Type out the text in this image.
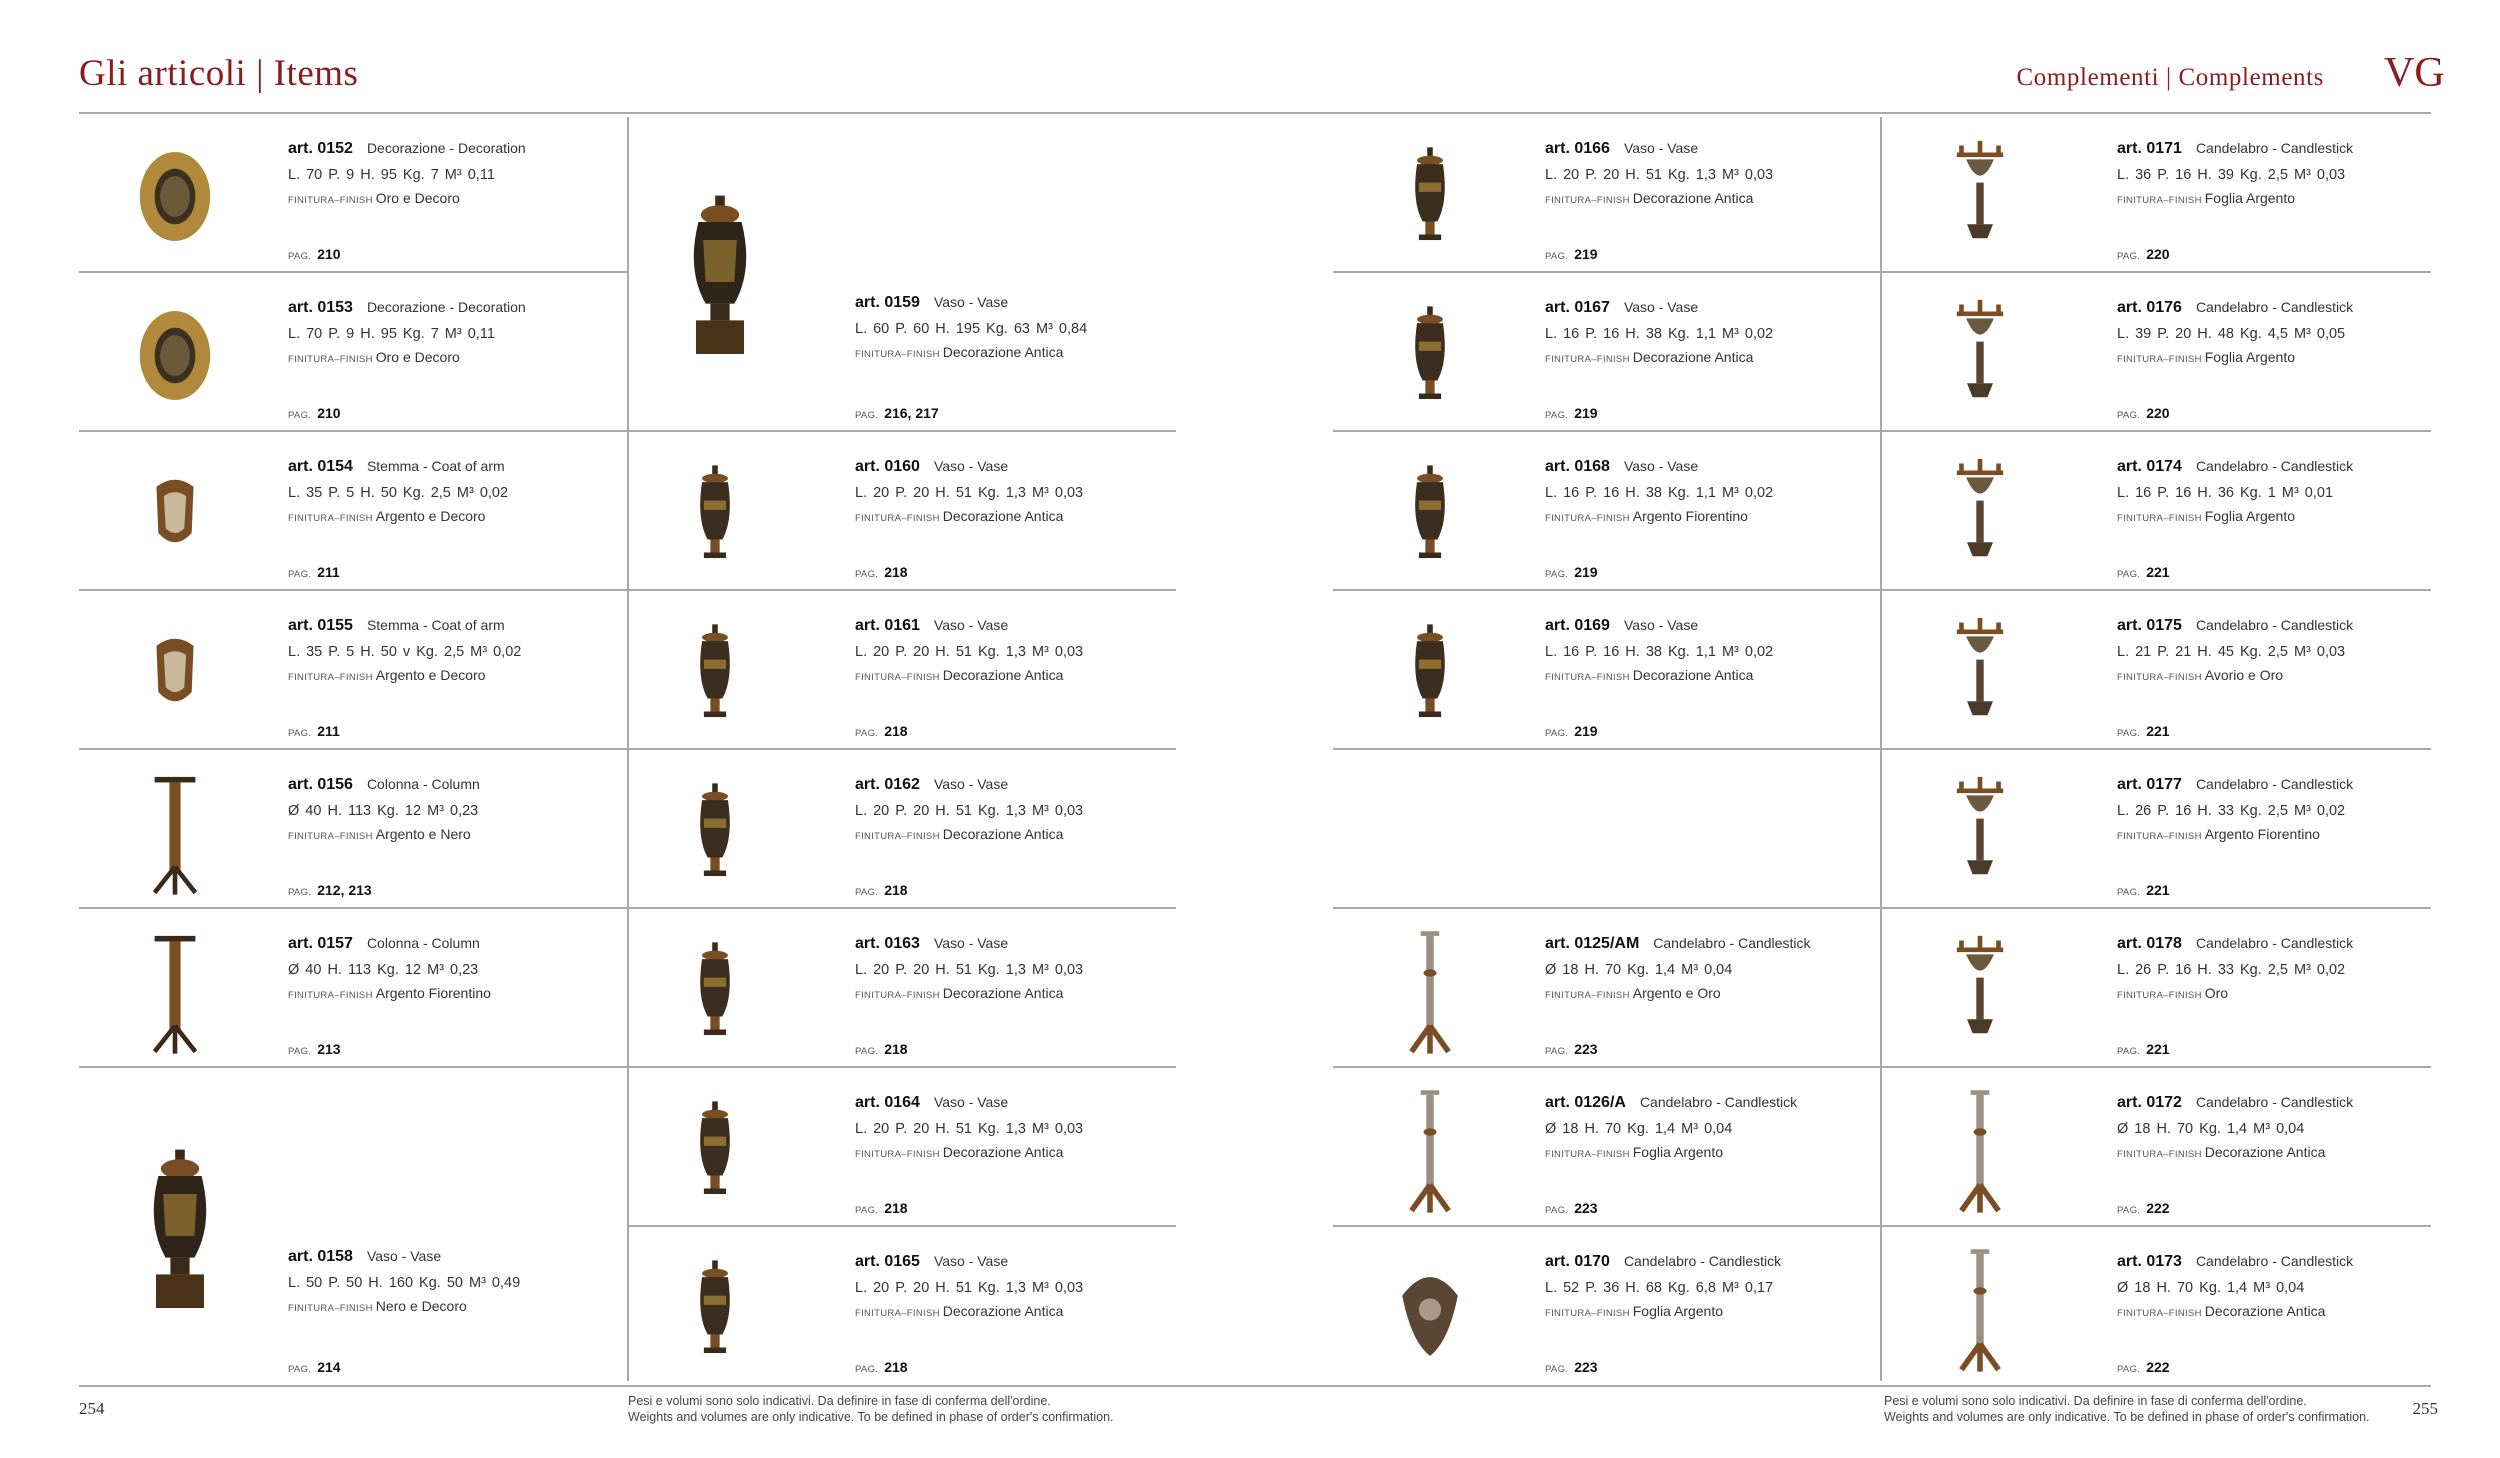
Gli articoli | Items	Complementi | Complements VG
art. 0152 Decorazione - Decoration
L. 70 P. 9 H. 95 Kg. 7 M³ 0,11
FINITURA–FINISH Oro e Decoro
PAG. 210
art. 0153 Decorazione - Decoration
L. 70 P. 9 H. 95 Kg. 7 M³ 0,11
FINITURA–FINISH Oro e Decoro
PAG. 210
art. 0154 Stemma - Coat of arm
L. 35 P. 5 H. 50 Kg. 2,5 M³ 0,02
FINITURA–FINISH Argento e Decoro
PAG. 211
art. 0155 Stemma - Coat of arm
L. 35 P. 5 H. 50 v Kg. 2,5 M³ 0,02
FINITURA–FINISH Argento e Decoro
PAG. 211
art. 0156 Colonna - Column
Ø 40 H. 113 Kg. 12 M³ 0,23
FINITURA–FINISH Argento e Nero
PAG. 212, 213
art. 0157 Colonna - Column
Ø 40 H. 113 Kg. 12 M³ 0,23
FINITURA–FINISH Argento Fiorentino
PAG. 213
art. 0158 Vaso - Vase
L. 50 P. 50 H. 160 Kg. 50 M³ 0,49
FINITURA–FINISH Nero e Decoro
PAG. 214
art. 0159 Vaso - Vase
L. 60 P. 60 H. 195 Kg. 63 M³ 0,84
FINITURA–FINISH Decorazione Antica
PAG. 216, 217
art. 0160 Vaso - Vase
L. 20 P. 20 H. 51 Kg. 1,3 M³ 0,03
FINITURA–FINISH Decorazione Antica
PAG. 218
art. 0161 Vaso - Vase
L. 20 P. 20 H. 51 Kg. 1,3 M³ 0,03
FINITURA–FINISH Decorazione Antica
PAG. 218
art. 0162 Vaso - Vase
L. 20 P. 20 H. 51 Kg. 1,3 M³ 0,03
FINITURA–FINISH Decorazione Antica
PAG. 218
art. 0163 Vaso - Vase
L. 20 P. 20 H. 51 Kg. 1,3 M³ 0,03
FINITURA–FINISH Decorazione Antica
PAG. 218
art. 0164 Vaso - Vase
L. 20 P. 20 H. 51 Kg. 1,3 M³ 0,03
FINITURA–FINISH Decorazione Antica
PAG. 218
art. 0165 Vaso - Vase
L. 20 P. 20 H. 51 Kg. 1,3 M³ 0,03
FINITURA–FINISH Decorazione Antica
PAG. 218
art. 0166 Vaso - Vase
L. 20 P. 20 H. 51 Kg. 1,3 M³ 0,03
FINITURA–FINISH Decorazione Antica
PAG. 219
art. 0167 Vaso - Vase
L. 16 P. 16 H. 38 Kg. 1,1 M³ 0,02
FINITURA–FINISH Decorazione Antica
PAG. 219
art. 0168 Vaso - Vase
L. 16 P. 16 H. 38 Kg. 1,1 M³ 0,02
FINITURA–FINISH Argento Fiorentino
PAG. 219
art. 0169 Vaso - Vase
L. 16 P. 16 H. 38 Kg. 1,1 M³ 0,02
FINITURA–FINISH Decorazione Antica
PAG. 219
art. 0125/AM Candelabro - Candlestick
Ø 18 H. 70 Kg. 1,4 M³ 0,04
FINITURA–FINISH Argento e Oro
PAG. 223
art. 0126/A Candelabro - Candlestick
Ø 18 H. 70 Kg. 1,4 M³ 0,04
FINITURA–FINISH Foglia Argento
PAG. 223
art. 0170 Candelabro - Candlestick
L. 52 P. 36 H. 68 Kg. 6,8 M³ 0,17
FINITURA–FINISH Foglia Argento
PAG. 223
art. 0171 Candelabro - Candlestick
L. 36 P. 16 H. 39 Kg. 2,5 M³ 0,03
FINITURA–FINISH Foglia Argento
PAG. 220
art. 0176 Candelabro - Candlestick
L. 39 P. 20 H. 48 Kg. 4,5 M³ 0,05
FINITURA–FINISH Foglia Argento
PAG. 220
art. 0174 Candelabro - Candlestick
L. 16 P. 16 H. 36 Kg. 1 M³ 0,01
FINITURA–FINISH Foglia Argento
PAG. 221
art. 0175 Candelabro - Candlestick
L. 21 P. 21 H. 45 Kg. 2,5 M³ 0,03
FINITURA–FINISH Avorio e Oro
PAG. 221
art. 0177 Candelabro - Candlestick
L. 26 P. 16 H. 33 Kg. 2,5 M³ 0,02
FINITURA–FINISH Argento Fiorentino
PAG. 221
art. 0178 Candelabro - Candlestick
L. 26 P. 16 H. 33 Kg. 2,5 M³ 0,02
FINITURA–FINISH Oro
PAG. 221
art. 0172 Candelabro - Candlestick
Ø 18 H. 70 Kg. 1,4 M³ 0,04
FINITURA–FINISH Decorazione Antica
PAG. 222
art. 0173 Candelabro - Candlestick
Ø 18 H. 70 Kg. 1,4 M³ 0,04
FINITURA–FINISH Decorazione Antica
PAG. 222
254	255
Pesi e volumi sono solo indicativi. Da definire in fase di conferma dell'ordine.
Weights and volumes are only indicative. To be defined in phase of order's confirmation.
Pesi e volumi sono solo indicativi. Da definire in fase di conferma dell'ordine.
Weights and volumes are only indicative. To be defined in phase of order's confirmation.
